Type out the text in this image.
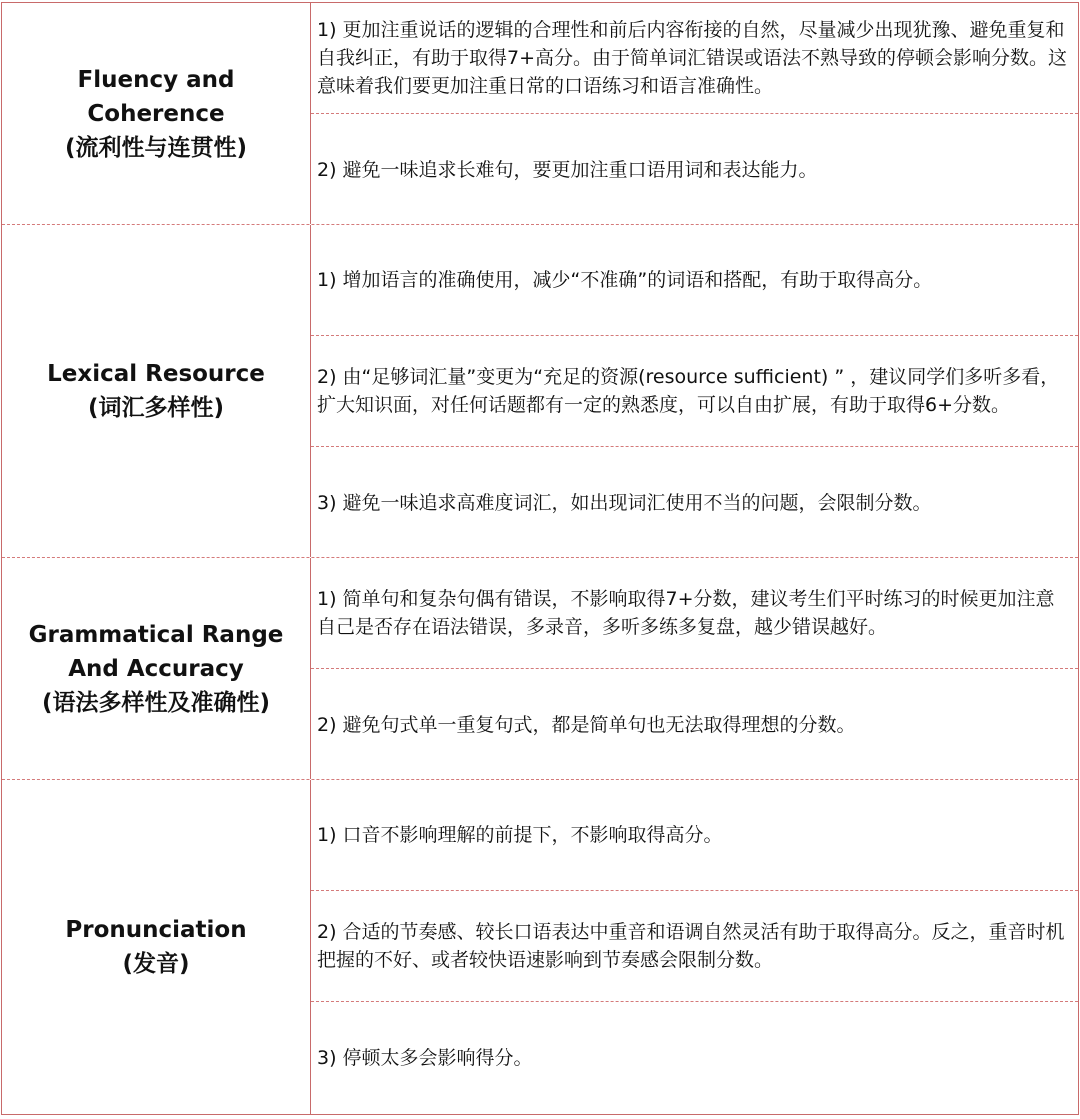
Fluency and Coherence
(流利性与连贯性)
1) 更加注重说话的逻辑的合理性和前后内容衔接的自然，尽量减少出现犹豫、避免重复和自我纠正，有助于取得7+高分。由于简单词汇错误或语法不熟导致的停顿会影响分数。这意味着我们要更加注重日常的口语练习和语言准确性。
2) 避免一味追求长难句，要更加注重口语用词和表达能力。
Lexical Resource
(词汇多样性)
1) 增加语言的准确使用，减少“不准确”的词语和搭配，有助于取得高分。
2) 由“足够词汇量”变更为“充足的资源(resource sufficient) ” ，建议同学们多听多看，扩大知识面，对任何话题都有一定的熟悉度，可以自由扩展，有助于取得6+分数。
3) 避免一味追求高难度词汇，如出现词汇使用不当的问题，会限制分数。
Grammatical Range
And Accuracy
(语法多样性及准确性)
1) 简单句和复杂句偶有错误，不影响取得7+分数，建议考生们平时练习的时候更加注意自己是否存在语法错误，多录音，多听多练多复盘，越少错误越好。
2) 避免句式单一重复句式，都是简单句也无法取得理想的分数。
Pronunciation
(发音)
1) 口音不影响理解的前提下，不影响取得高分。
2) 合适的节奏感、较长口语表达中重音和语调自然灵活有助于取得高分。反之，重音时机把握的不好、或者较快语速影响到节奏感会限制分数。
3) 停顿太多会影响得分。
